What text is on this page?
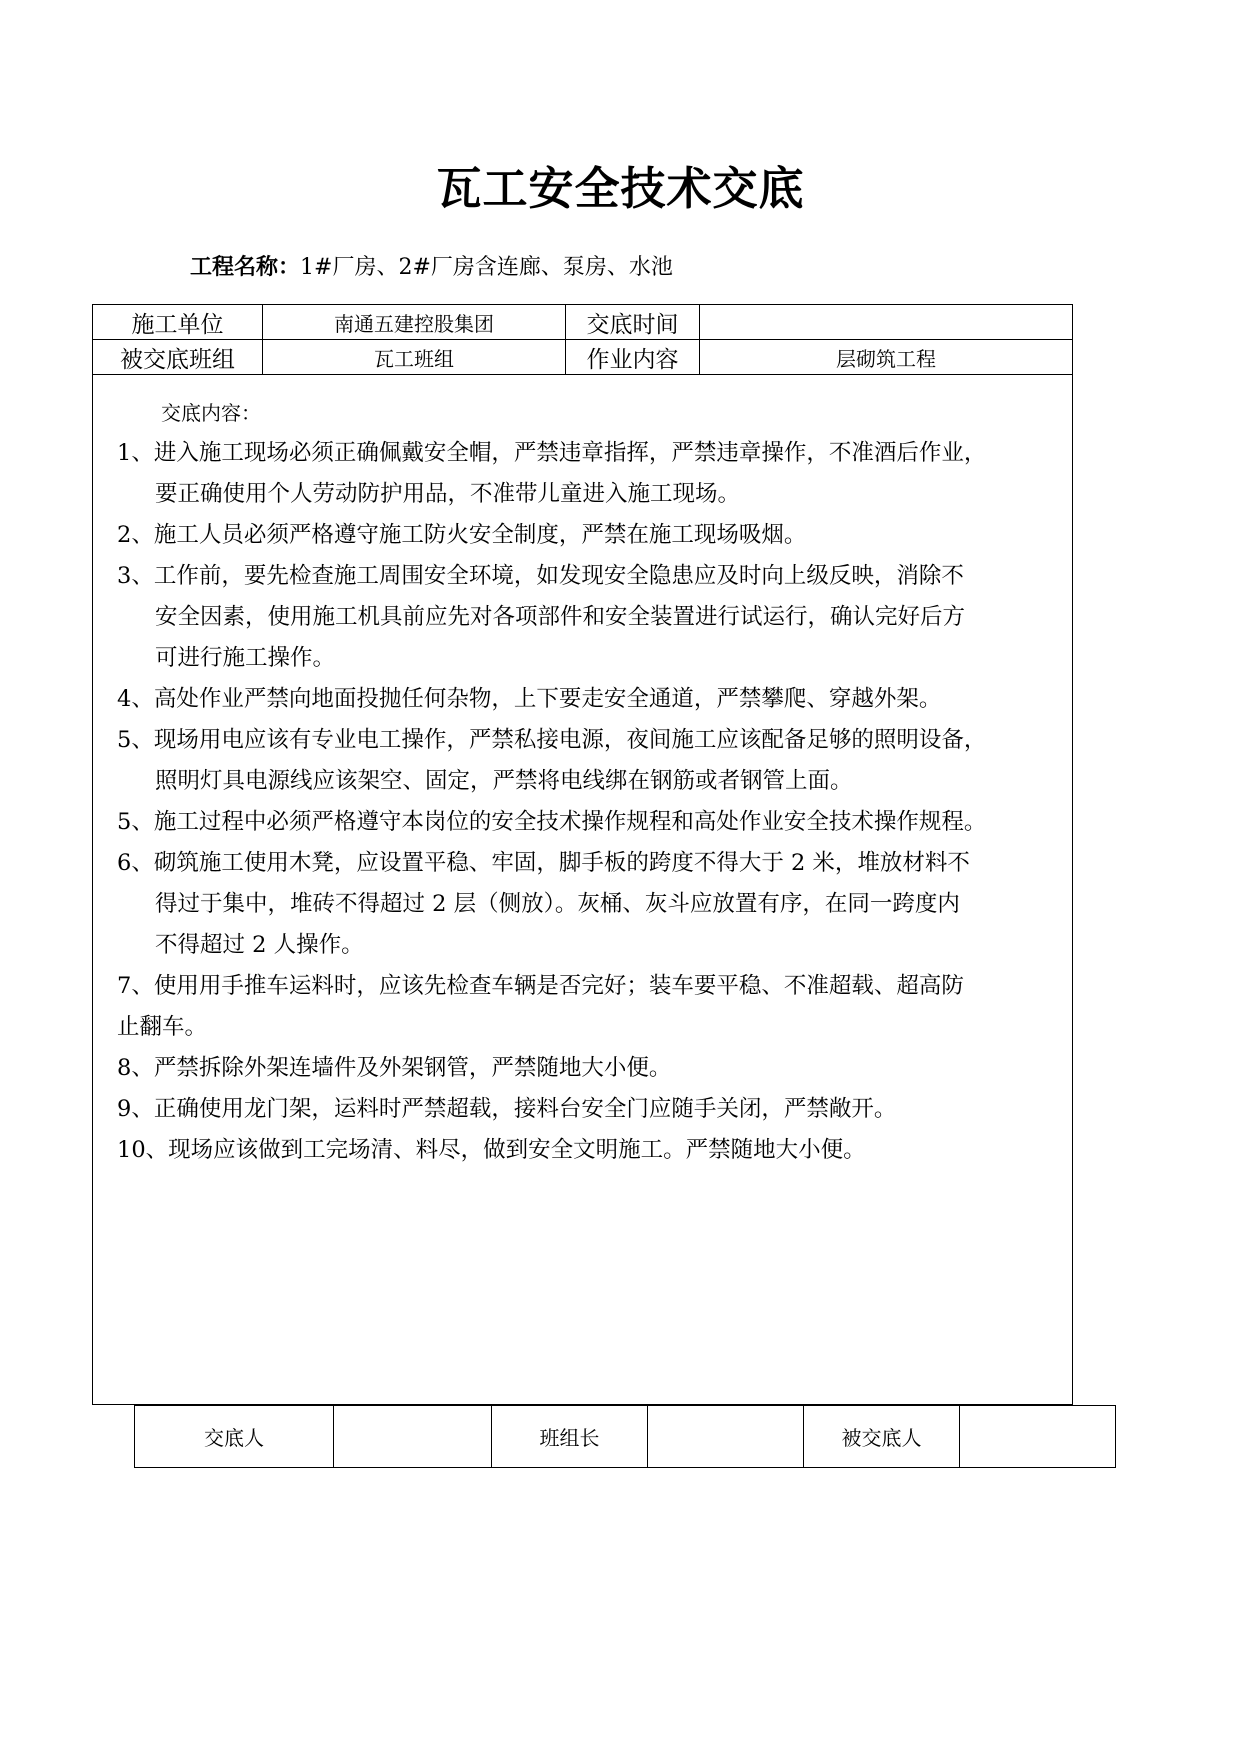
瓦工安全技术交底
工程名称：1#厂房、2#厂房含连廊、泵房、水池
施工单位	南通五建控股集团	交底时间
被交底班组	瓦工班组	作业内容	层砌筑工程
交底内容：
1、进入施工现场必须正确佩戴安全帽，严禁违章指挥，严禁违章操作，不准酒后作业，
要正确使用个人劳动防护用品，不准带儿童进入施工现场。
2、施工人员必须严格遵守施工防火安全制度，严禁在施工现场吸烟。
3、工作前，要先检查施工周围安全环境，如发现安全隐患应及时向上级反映，消除不
安全因素，使用施工机具前应先对各项部件和安全装置进行试运行，确认完好后方
可进行施工操作。
4、高处作业严禁向地面投抛任何杂物，上下要走安全通道，严禁攀爬、穿越外架。
5、现场用电应该有专业电工操作，严禁私接电源，夜间施工应该配备足够的照明设备，
照明灯具电源线应该架空、固定，严禁将电线绑在钢筋或者钢管上面。
5、施工过程中必须严格遵守本岗位的安全技术操作规程和高处作业安全技术操作规程。
6、砌筑施工使用木凳，应设置平稳、牢固，脚手板的跨度不得大于 2 米，堆放材料不
得过于集中，堆砖不得超过 2 层（侧放）。灰桶、灰斗应放置有序，在同一跨度内
不得超过 2 人操作。
7、使用用手推车运料时，应该先检查车辆是否完好；装车要平稳、不准超载、超高防
止翻车。
8、严禁拆除外架连墙件及外架钢管，严禁随地大小便。
9、正确使用龙门架，运料时严禁超载，接料台安全门应随手关闭，严禁敞开。
10、现场应该做到工完场清、料尽，做到安全文明施工。严禁随地大小便。
交底人	班组长	被交底人
